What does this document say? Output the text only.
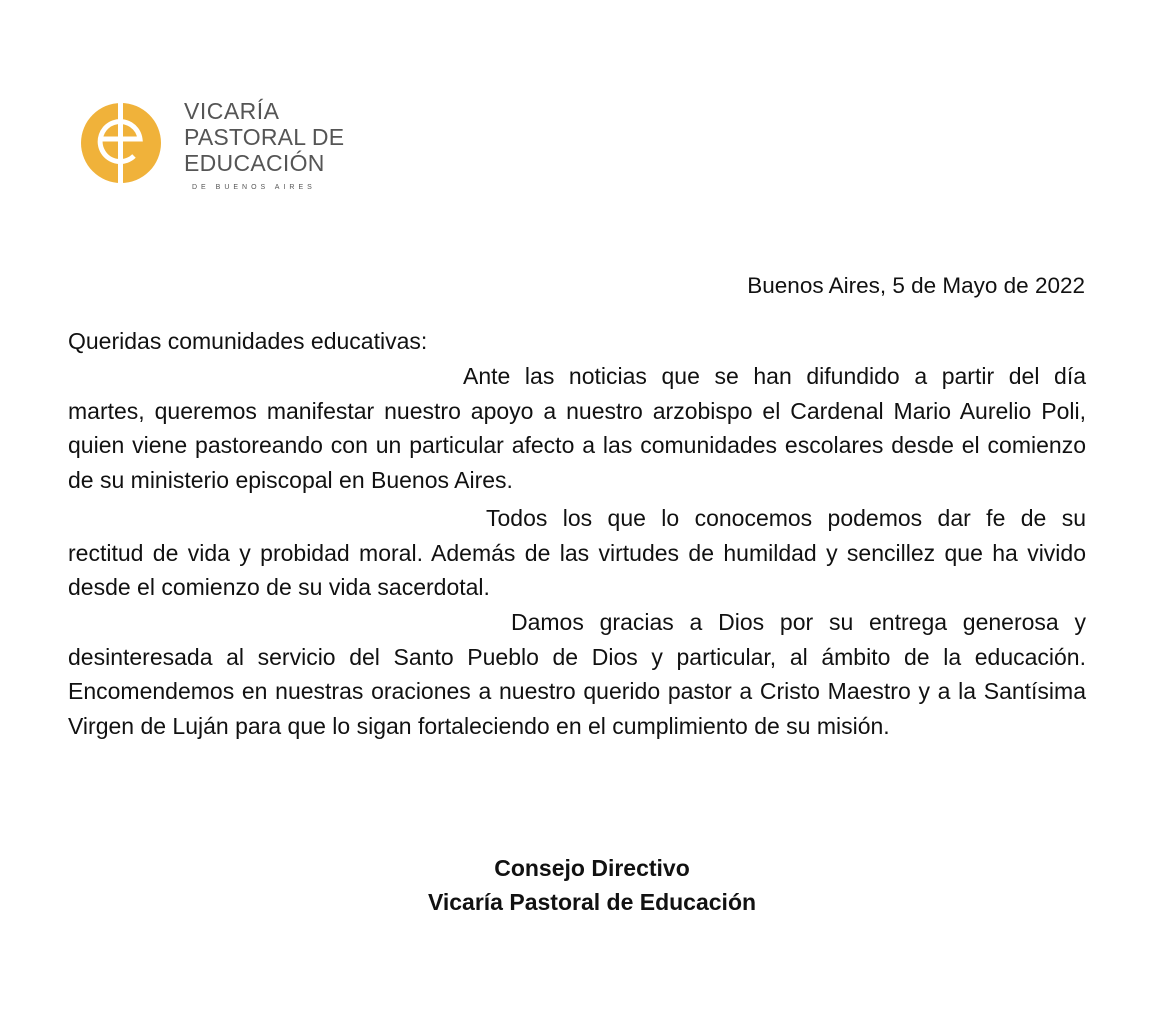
VICARÍA
PASTORAL DE
EDUCACIÓN
DE BUENOS AIRES
Buenos Aires, 5 de Mayo de 2022
Queridas comunidades educativas:

Ante las noticias que se han difundido a partir del día martes, queremos manifestar nuestro apoyo a nuestro arzobispo el Cardenal Mario Aurelio Poli, quien viene pastoreando con un particular afecto a las comunidades escolares desde el comienzo de su ministerio episcopal en Buenos Aires.

Todos los que lo conocemos podemos dar fe de su rectitud de vida y probidad moral. Además de las virtudes de humildad y sencillez que ha vivido desde el comienzo de su vida sacerdotal.

Damos gracias a Dios por su entrega generosa y desinteresada al servicio del Santo Pueblo de Dios y particular, al ámbito de la educación. Encomendemos en nuestras oraciones a nuestro querido pastor a Cristo Maestro y a la Santísima Virgen de Luján para que lo sigan fortaleciendo en el cumplimiento de su misión.

Consejo Directivo
Vicaría Pastoral de Educación
